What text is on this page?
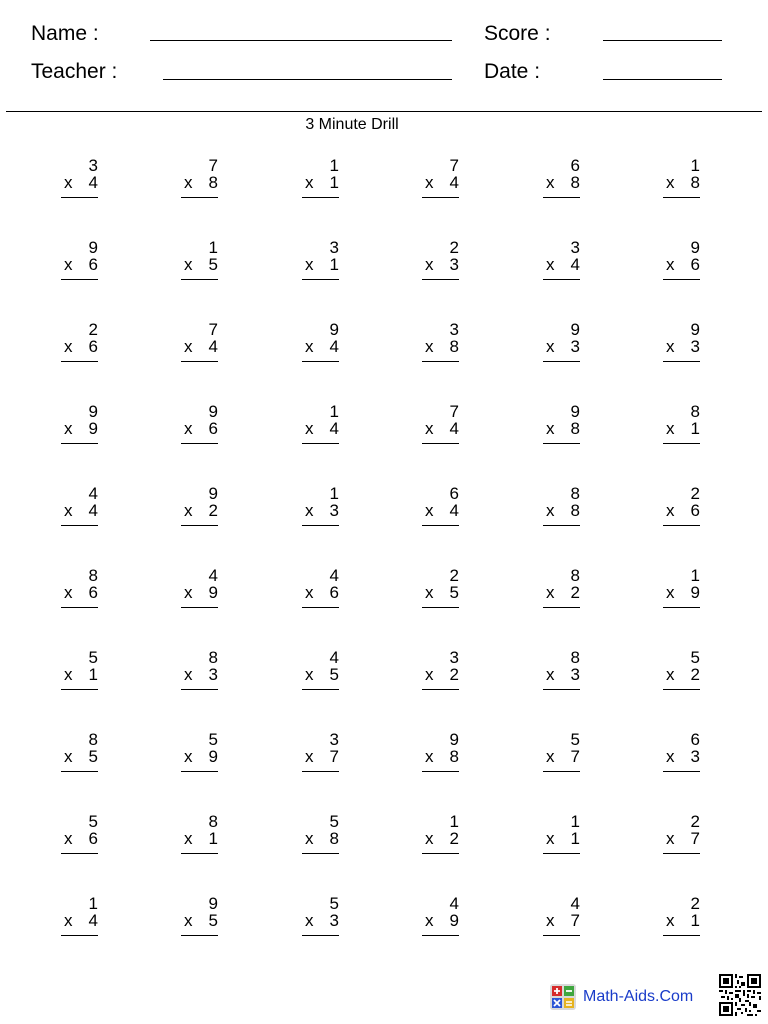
Name :
Teacher :
Score :
Date :
3 Minute Drill
3
x 4
7
x 8
1
x 1
7
x 4
6
x 8
1
x 8
9
x 6
1
x 5
3
x 1
2
x 3
3
x 4
9
x 6
2
x 6
7
x 4
9
x 4
3
x 8
9
x 3
9
x 3
9
x 9
9
x 6
1
x 4
7
x 4
9
x 8
8
x 1
4
x 4
9
x 2
1
x 3
6
x 4
8
x 8
2
x 6
8
x 6
4
x 9
4
x 6
2
x 5
8
x 2
1
x 9
5
x 1
8
x 3
4
x 5
3
x 2
8
x 3
5
x 2
8
x 5
5
x 9
3
x 7
9
x 8
5
x 7
6
x 3
5
x 6
8
x 1
5
x 8
1
x 2
1
x 1
2
x 7
1
x 4
9
x 5
5
x 3
4
x 9
4
x 7
2
x 1
Math-Aids.Com
